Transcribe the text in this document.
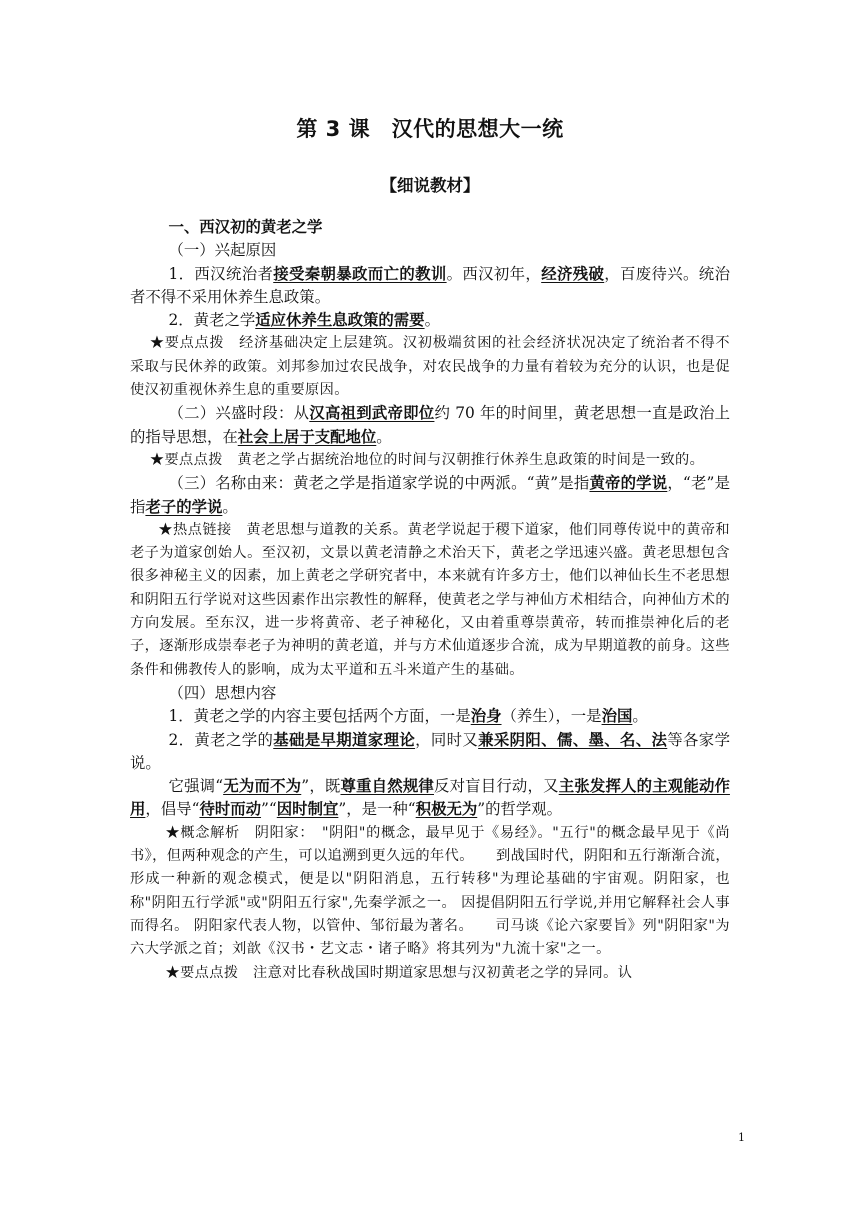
第 3 课　汉代的思想大一统
【细说教材】

一、西汉初的黄老之学

（一）兴起原因

1．西汉统治者接受秦朝暴政而亡的教训。西汉初年，经济残破，百废待兴。统治者不得不采用休养生息政策。

2．黄老之学适应休养生息政策的需要。

★要点点拨　经济基础决定上层建筑。汉初极端贫困的社会经济状况决定了统治者不得不采取与民休养的政策。刘邦参加过农民战争，对农民战争的力量有着较为充分的认识，也是促使汉初重视休养生息的重要原因。

（二）兴盛时段：从汉高祖到武帝即位约 70 年的时间里，黄老思想一直是政治上的指导思想，在社会上居于支配地位。

★要点点拨　黄老之学占据统治地位的时间与汉朝推行休养生息政策的时间是一致的。

（三）名称由来：黄老之学是指道家学说的中两派。“黄”是指黄帝的学说，“老”是指老子的学说。

★热点链接　黄老思想与道教的关系。黄老学说起于稷下道家，他们同尊传说中的黄帝和老子为道家创始人。至汉初，文景以黄老清静之术治天下，黄老之学迅速兴盛。黄老思想包含很多神秘主义的因素，加上黄老之学研究者中，本来就有许多方士，他们以神仙长生不老思想和阴阳五行学说对这些因素作出宗教性的解释，使黄老之学与神仙方术相结合，向神仙方术的方向发展。至东汉，进一步将黄帝、老子神秘化，又由着重尊崇黄帝，转而推崇神化后的老子，逐渐形成崇奉老子为神明的黄老道，并与方术仙道逐步合流，成为早期道教的前身。这些条件和佛教传人的影响，成为太平道和五斗米道产生的基础。

（四）思想内容

1．黄老之学的内容主要包括两个方面，一是治身（养生），一是治国。

2．黄老之学的基础是早期道家理论，同时又兼采阴阳、儒、墨、名、法等各家学说。

它强调“无为而不为”，既尊重自然规律反对盲目行动，又主张发挥人的主观能动作用，倡导“待时而动”“因时制宜”，是一种“积极无为”的哲学观。

★概念解析　阴阳家：　"阴阳"的概念，最早见于《易经》。"五行"的概念最早见于《尚书》，但两种观念的产生，可以追溯到更久远的年代。　　到战国时代，阴阳和五行渐渐合流，形成一种新的观念模式，便是以"阴阳消息，五行转移"为理论基础的宇宙观。阴阳家，也称"阴阳五行学派"或"阴阳五行家",先秦学派之一。 因提倡阴阳五行学说,并用它解释社会人事而得名。 阴阳家代表人物，以管仲、邹衍最为著名。　　司马谈《论六家要旨》列"阴阳家"为六大学派之首；刘歆《汉书・艺文志・诸子略》将其列为"九流十家"之一。

★要点点拨　注意对比春秋战国时期道家思想与汉初黄老之学的异同。认

1
